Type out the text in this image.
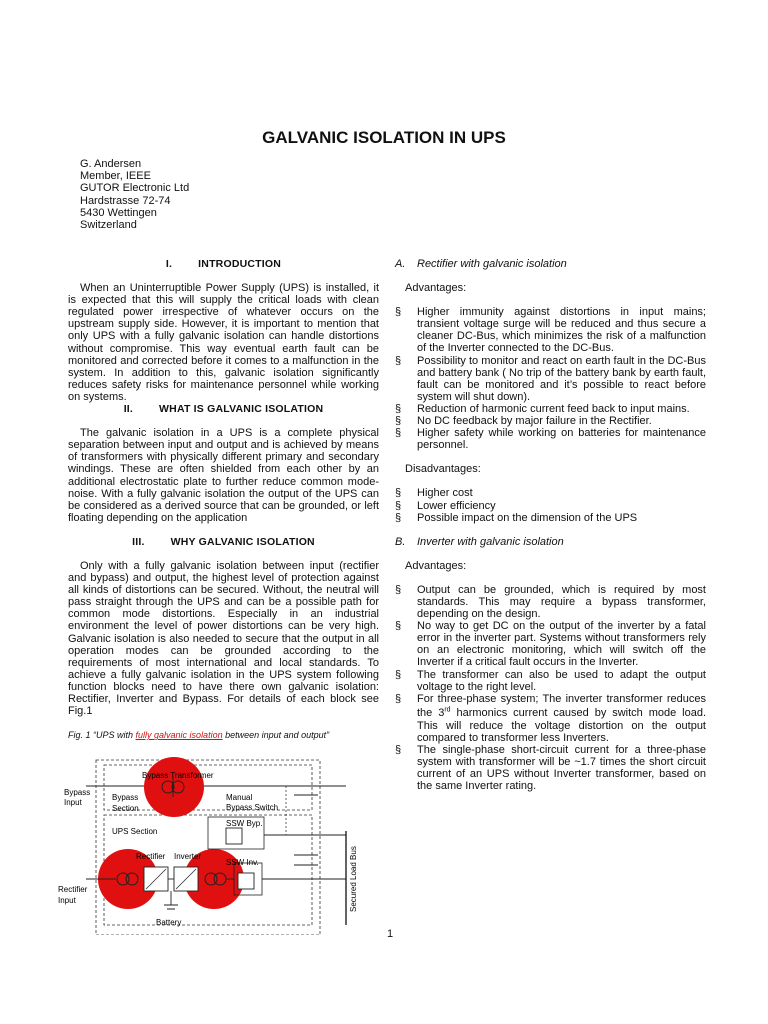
GALVANIC ISOLATION IN UPS
G. Andersen
Member, IEEE
GUTOR Electronic Ltd
Hardstrasse 72-74
5430 Wettingen
Switzerland

I. INTRODUCTION

When an Uninterruptible Power Supply (UPS) is installed, it is expected that this will supply the critical loads with clean regulated power irrespective of whatever occurs on the upstream supply side. However, it is important to mention that only UPS with a fully galvanic isolation can handle distortions without compromise. This way eventual earth fault can be monitored and corrected before it comes to a malfunction in the system. In addition to this, galvanic isolation significantly reduces safety risks for maintenance personnel while working on systems.

II. WHAT IS GALVANIC ISOLATION

The galvanic isolation in a UPS is a complete physical separation between input and output and is achieved by means of transformers with physically different primary and secondary windings. These are often shielded from each other by an additional electrostatic plate to further reduce common mode-noise. With a fully galvanic isolation the output of the UPS can be considered as a derived source that can be grounded, or left floating depending on the application

III. WHY GALVANIC ISOLATION

Only with a fully galvanic isolation between input (rectifier and bypass) and output, the highest level of protection against all kinds of distortions can be secured. Without, the neutral will pass straight through the UPS and can be a possible path for common mode distortions. Especially in an industrial environment the level of power distortions can be very high. Galvanic isolation is also needed to secure that the output in all operation modes can be grounded according to the requirements of most international and local standards. To achieve a fully galvanic isolation in the UPS system following function blocks need to have there own galvanic isolation: Rectifier, Inverter and Bypass. For details of each block see Fig.1

Fig. 1 “UPS with fully galvanic isolation between input and output”

Bypass Transformer
Bypass
Input
Bypass
Section
Manual
Bypass Switch
SSW Byp.
UPS Section
Rectifier Inverter
SSW Inv.
Rectifier
Input
Battery
Secured Load Bus

A. Rectifier with galvanic isolation

Advantages:

§ Higher immunity against distortions in input mains; transient voltage surge will be reduced and thus secure a cleaner DC-Bus, which minimizes the risk of a malfunction of the Inverter connected to the DC-Bus.
§ Possibility to monitor and react on earth fault in the DC-Bus and battery bank ( No trip of the battery bank by earth fault, fault can be monitored and it’s possible to react before system will shut down).
§ Reduction of harmonic current feed back to input mains.
§ No DC feedback by major failure in the Rectifier.
§ Higher safety while working on batteries for maintenance personnel.

Disadvantages:

§ Higher cost
§ Lower efficiency
§ Possible impact on the dimension of the UPS

B. Inverter with galvanic isolation

Advantages:

§ Output can be grounded, which is required by most standards. This may require a bypass transformer, depending on the design.
§ No way to get DC on the output of the inverter by a fatal error in the inverter part. Systems without transformers rely on an electronic monitoring, which will switch off the Inverter if a critical fault occurs in the Inverter.
§ The transformer can also be used to adapt the output voltage to the right level.
§ For three-phase system; The inverter transformer reduces the 3rd harmonics current caused by switch mode load. This will reduce the voltage distortion on the output compared to transformer less Inverters.
§ The single-phase short-circuit current for a three-phase system with transformer will be ~1.7 times the short circuit current of an UPS without Inverter transformer, based on the same Inverter rating.
1
